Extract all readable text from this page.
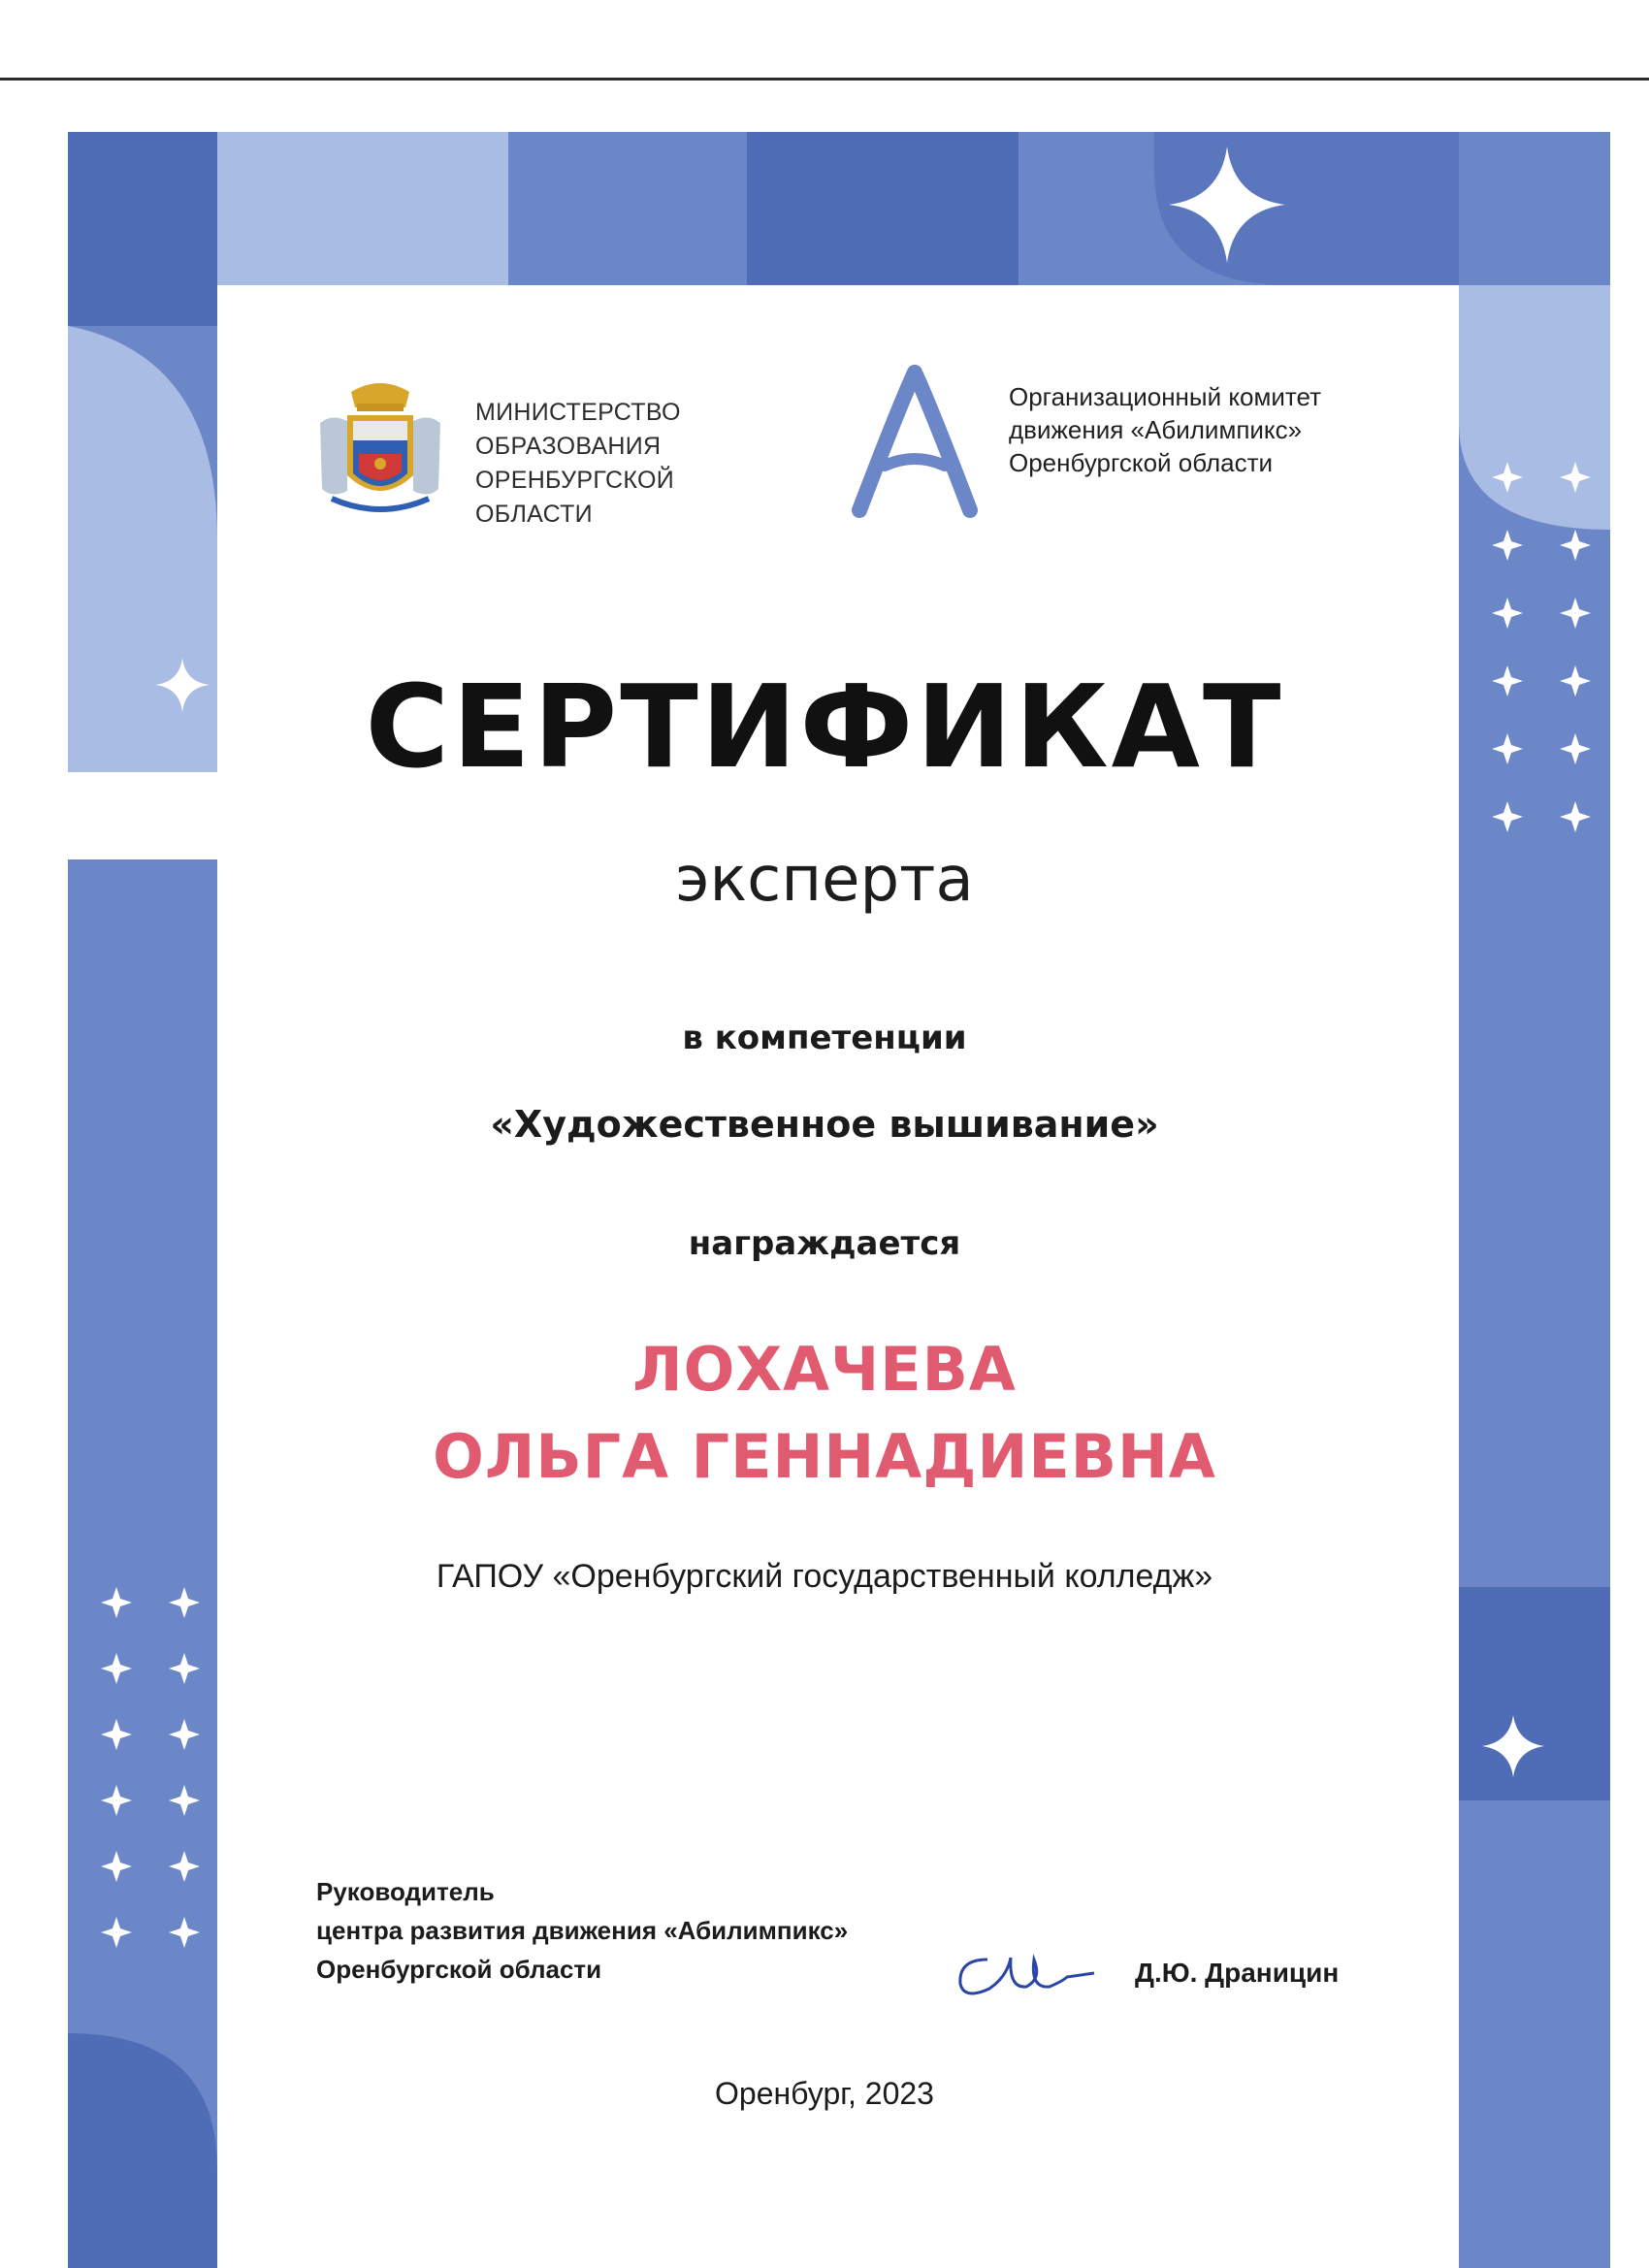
МИНИСТЕРСТВО
ОБРАЗОВАНИЯ
ОРЕНБУРГСКОЙ
ОБЛАСТИ
Организационный комитет
движения «Абилимпикс»
Оренбургской области
СЕРТИФИКАТ
эксперта
в компетенции
«Художественное вышивание»
награждается
ЛОХАЧЕВА
ОЛЬГА ГЕННАДИЕВНА
ГАПОУ «Оренбургский государственный колледж»
Руководитель
центра развития движения «Абилимпикс»
Оренбургской области	Д.Ю. Драницин
Оренбург, 2023
